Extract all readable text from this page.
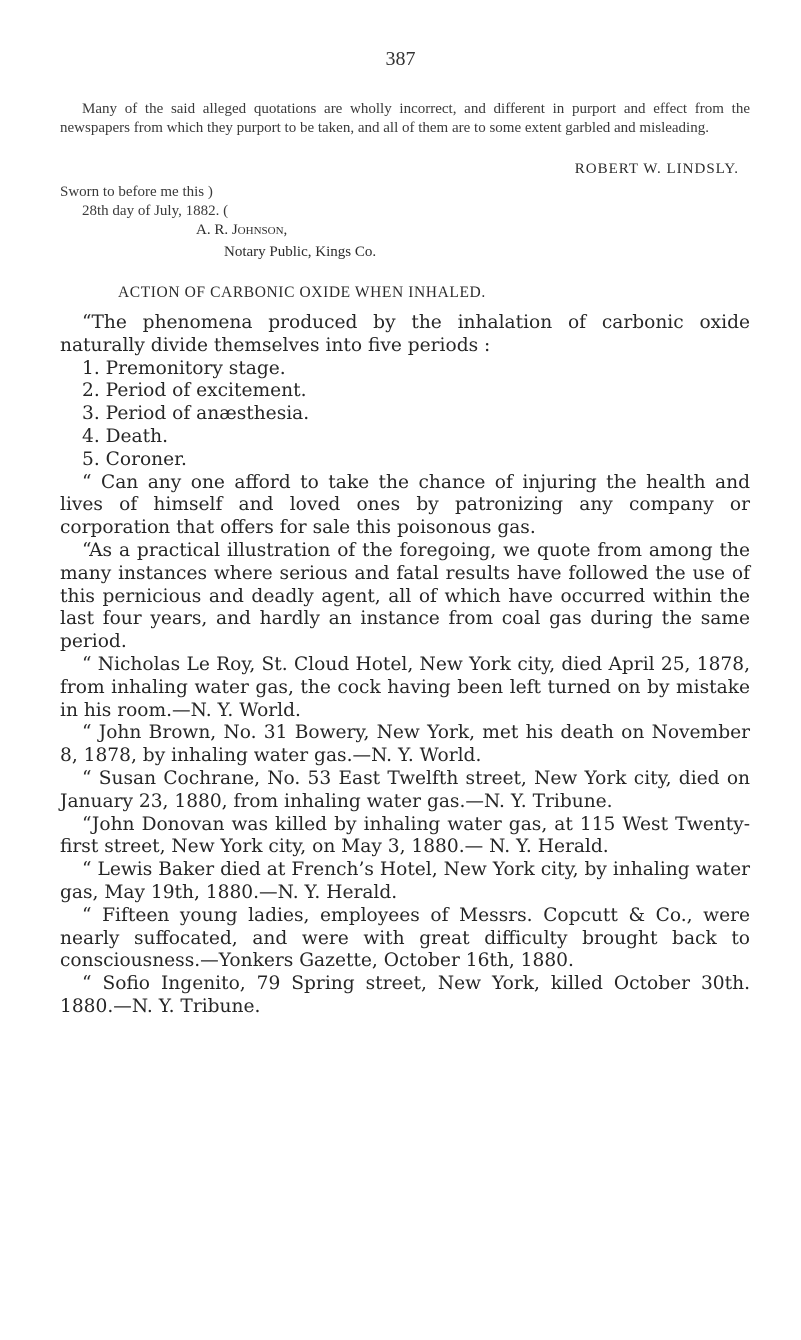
387
Many of the said alleged quotations are wholly incorrect, and different in purport and effect from the newspapers from which they purport to be taken, and all of them are to some extent garbled and misleading.
ROBERT W. LINDSLY.
Sworn to before me this )
28th day of July, 1882. (
A. R. Johnson,
Notary Public, Kings Co.
ACTION OF CARBONIC OXIDE WHEN INHALED.

“The phenomena produced by the inhalation of carbonic oxide naturally divide themselves into five periods :

1. Premonitory stage.
2. Period of excitement.
3. Period of anæsthesia.
4. Death.
5. Coroner.

“ Can any one afford to take the chance of injuring the health and lives of himself and loved ones by patronizing any company or corporation that offers for sale this poisonous gas.

“As a practical illustration of the foregoing, we quote from among the many instances where serious and fatal results have followed the use of this pernicious and deadly agent, all of which have occurred within the last four years, and hardly an instance from coal gas during the same period.

“ Nicholas Le Roy, St. Cloud Hotel, New York city, died April 25, 1878, from inhaling water gas, the cock having been left turned on by mistake in his room.—N. Y. World.

“ John Brown, No. 31 Bowery, New York, met his death on November 8, 1878, by inhaling water gas.—N. Y. World.

“ Susan Cochrane, No. 53 East Twelfth street, New York city, died on January 23, 1880, from inhaling water gas.—N. Y. Tribune.

“John Donovan was killed by inhaling water gas, at 115 West Twenty-first street, New York city, on May 3, 1880.— N. Y. Herald.

“ Lewis Baker died at French’s Hotel, New York city, by inhaling water gas, May 19th, 1880.—N. Y. Herald.

“ Fifteen young ladies, employees of Messrs. Copcutt & Co., were nearly suffocated, and were with great difficulty brought back to consciousness.—Yonkers Gazette, October 16th, 1880.

“ Sofio Ingenito, 79 Spring street, New York, killed October 30th. 1880.—N. Y. Tribune.
